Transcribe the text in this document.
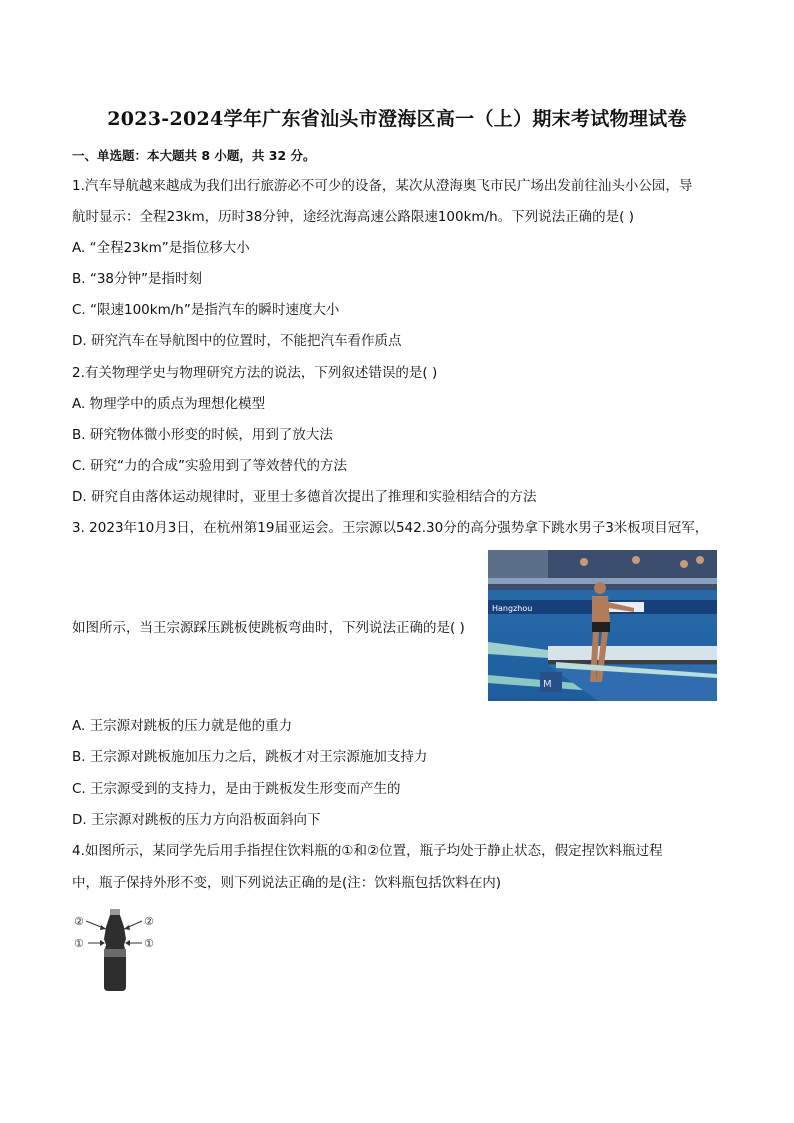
2023-2024学年广东省汕头市澄海区高一（上）期末考试物理试卷
一、单选题：本大题共 8 小题，共 32 分。
1.汽车导航越来越成为我们出行旅游必不可少的设备，某次从澄海奥飞市民广场出发前往汕头小公园，导
航时显示：全程23km，历时38分钟，途经沈海高速公路限速100km/h。下列说法正确的是( )
A. “全程23km”是指位移大小
B. “38分钟”是指时刻
C. “限速100km/h”是指汽车的瞬时速度大小
D. 研究汽车在导航图中的位置时，不能把汽车看作质点
2.有关物理学史与物理研究方法的说法，下列叙述错误的是( )
A. 物理学中的质点为理想化模型
B. 研究物体微小形变的时候，用到了放大法
C. 研究“力的合成”实验用到了等效替代的方法
D. 研究自由落体运动规律时，亚里士多德首次提出了推理和实验相结合的方法
3. 2023年10月3日，在杭州第19届亚运会。王宗源以542.30分的高分强势拿下跳水男子3米板项目冠军，
如图所示，当王宗源踩压跳板使跳板弯曲时，下列说法正确的是( )
Hangzhou
M
A. 王宗源对跳板的压力就是他的重力
B. 王宗源对跳板施加压力之后，跳板才对王宗源施加支持力
C. 王宗源受到的支持力，是由于跳板发生形变而产生的
D. 王宗源对跳板的压力方向沿板面斜向下
4.如图所示，某同学先后用手指捏住饮料瓶的①和②位置，瓶子均处于静止状态，假定捏饮料瓶过程
中，瓶子保持外形不变，则下列说法正确的是(注：饮料瓶包括饮料在内)
②
①
②
①
